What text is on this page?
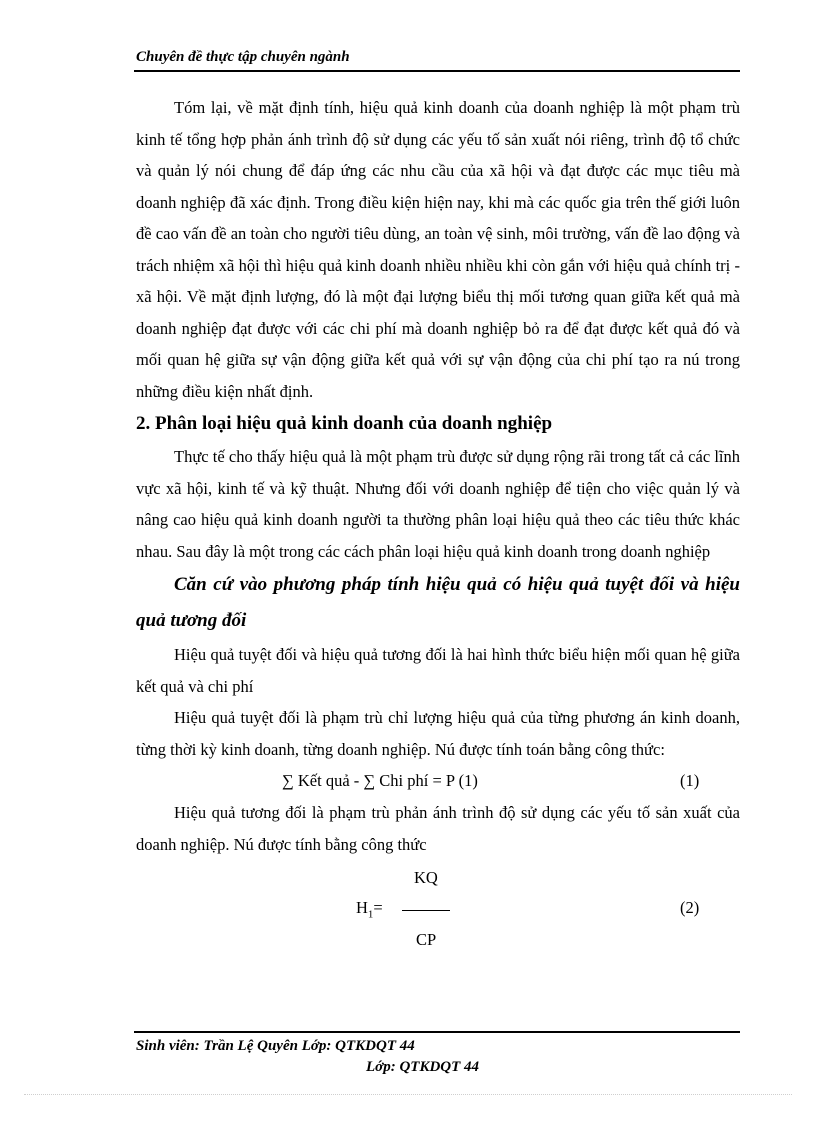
Chuyên đề thực tập chuyên ngành

Tóm lại, về mặt định tính, hiệu quả kinh doanh của doanh nghiệp là một phạm trù kinh tế tổng hợp phản ánh trình độ sử dụng các yếu tố sản xuất nói riêng, trình độ tổ chức và quản lý nói chung để đáp ứng các nhu cầu của xã hội và đạt được các mục tiêu mà doanh nghiệp đã xác định. Trong điều kiện hiện nay, khi mà các quốc gia trên thế giới luôn đề cao vấn đề an toàn cho người tiêu dùng, an toàn vệ sinh, môi trường, vấn đề lao động và trách nhiệm xã hội thì hiệu quả kinh doanh nhiều nhiều khi còn gắn với hiệu quả chính trị - xã hội. Về mặt định lượng, đó là một đại lượng biểu thị mối tương quan giữa kết quả mà doanh nghiệp đạt được với các chi phí mà doanh nghiệp bỏ ra để đạt được kết quả đó và mối quan hệ giữa sự vận động giữa kết quả với sự vận động của chi phí tạo ra nú trong những điều kiện nhất định.

2. Phân loại hiệu quả kinh doanh của doanh nghiệp

Thực tế cho thấy hiệu quả là một phạm trù được sử dụng rộng rãi trong tất cả các lĩnh vực xã hội, kinh tế và kỹ thuật. Nhưng đối với doanh nghiệp để tiện cho việc quản lý và nâng cao hiệu quả kinh doanh người ta thường phân loại hiệu quả theo các tiêu thức khác nhau. Sau đây là một trong các cách phân loại hiệu quả kinh doanh trong doanh nghiệp

Căn cứ vào phương pháp tính hiệu quả có hiệu quả tuyệt đối và hiệu quả tương đối

Hiệu quả tuyệt đối và hiệu quả tương đối là hai hình thức biểu hiện mối quan hệ giữa kết quả và chi phí

Hiệu quả tuyệt đối là phạm trù chỉ lượng hiệu quả của từng phương án kinh doanh, từng thời kỳ kinh doanh, từng doanh nghiệp. Nú được tính toán bằng công thức:

∑ Kết quả - ∑ Chi phí = P (1)	(1)

Hiệu quả tương đối là phạm trù phản ánh trình độ sử dụng các yếu tố sản xuất của doanh nghiệp. Nú được tính bằng công thức

$H_1=$
KQ
CP
(2)
Sinh viên: Trần Lệ Quyên Lớp: QTKDQT 44
Lớp: QTKDQT 44
